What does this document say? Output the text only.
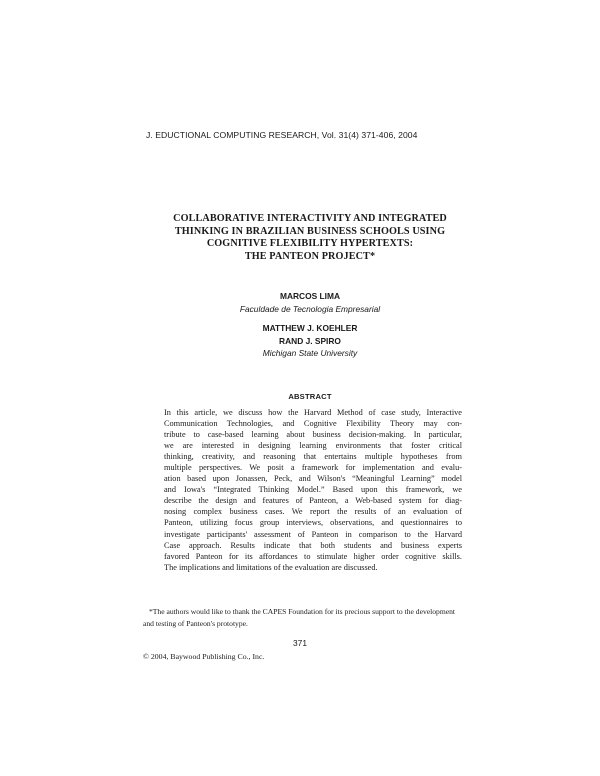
J. EDUCTIONAL COMPUTING RESEARCH, Vol. 31(4) 371-406, 2004
COLLABORATIVE INTERACTIVITY AND INTEGRATED
THINKING IN BRAZILIAN BUSINESS SCHOOLS USING
COGNITIVE FLEXIBILITY HYPERTEXTS:
THE PANTEON PROJECT*
MARCOS LIMA
Faculdade de Tecnologia Empresarial
MATTHEW J. KOEHLER
RAND J. SPIRO
Michigan State University
ABSTRACT
In this article, we discuss how the Harvard Method of case study, Interactive
Communication Technologies, and Cognitive Flexibility Theory may con-
tribute to case-based learning about business decision-making. In particular,
we are interested in designing learning environments that foster critical
thinking, creativity, and reasoning that entertains multiple hypotheses from
multiple perspectives. We posit a framework for implementation and evalu-
ation based upon Jonassen, Peck, and Wilson's “Meaningful Learning” model
and Iowa's “Integrated Thinking Model.” Based upon this framework, we
describe the design and features of Panteon, a Web-based system for diag-
nosing complex business cases. We report the results of an evaluation of
Panteon, utilizing focus group interviews, observations, and questionnaires to
investigate participants' assessment of Panteon in comparison to the Harvard
Case approach. Results indicate that both students and business experts
favored Panteon for its affordances to stimulate higher order cognitive skills.
The implications and limitations of the evaluation are discussed.
*The authors would like to thank the CAPES Foundation for its precious support to the development
and testing of Panteon's prototype.
371
© 2004, Baywood Publishing Co., Inc.
